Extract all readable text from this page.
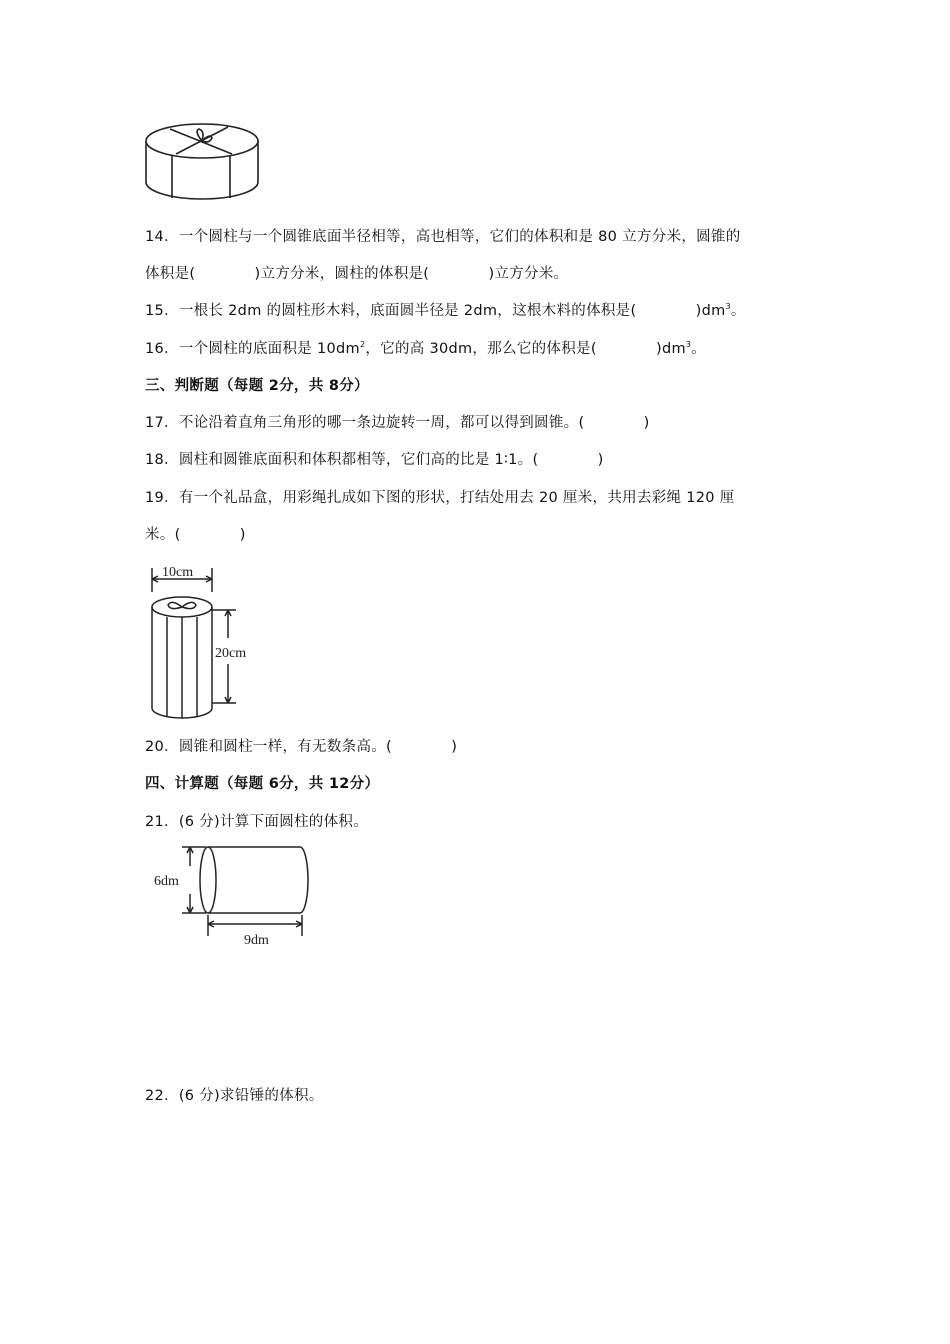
14．一个圆柱与一个圆锥底面半径相等，高也相等，它们的体积和是 80 立方分米，圆锥的
体积是(    )立方分米，圆柱的体积是(    )立方分米。
15．一根长 2dm 的圆柱形木料，底面圆半径是 2dm，这根木料的体积是(    )$dm^3$。
16．一个圆柱的底面积是 $10dm^2$，它的高 30dm，那么它的体积是(    )$dm^3$。
三、判断题（每题 2分，共 8分）
17．不论沿着直角三角形的哪一条边旋转一周，都可以得到圆锥。(    )
18．圆柱和圆锥底面积和体积都相等，它们高的比是 1∶1。(    )
19．有一个礼品盒，用彩绳扎成如下图的形状，打结处用去 20 厘米，共用去彩绳 120 厘
米。(    )
10cm
20cm
20．圆锥和圆柱一样，有无数条高。(    )
四、计算题（每题 6分，共 12分）
21．(6 分)计算下面圆柱的体积。
6dm
9dm
22．(6 分)求铅锤的体积。
